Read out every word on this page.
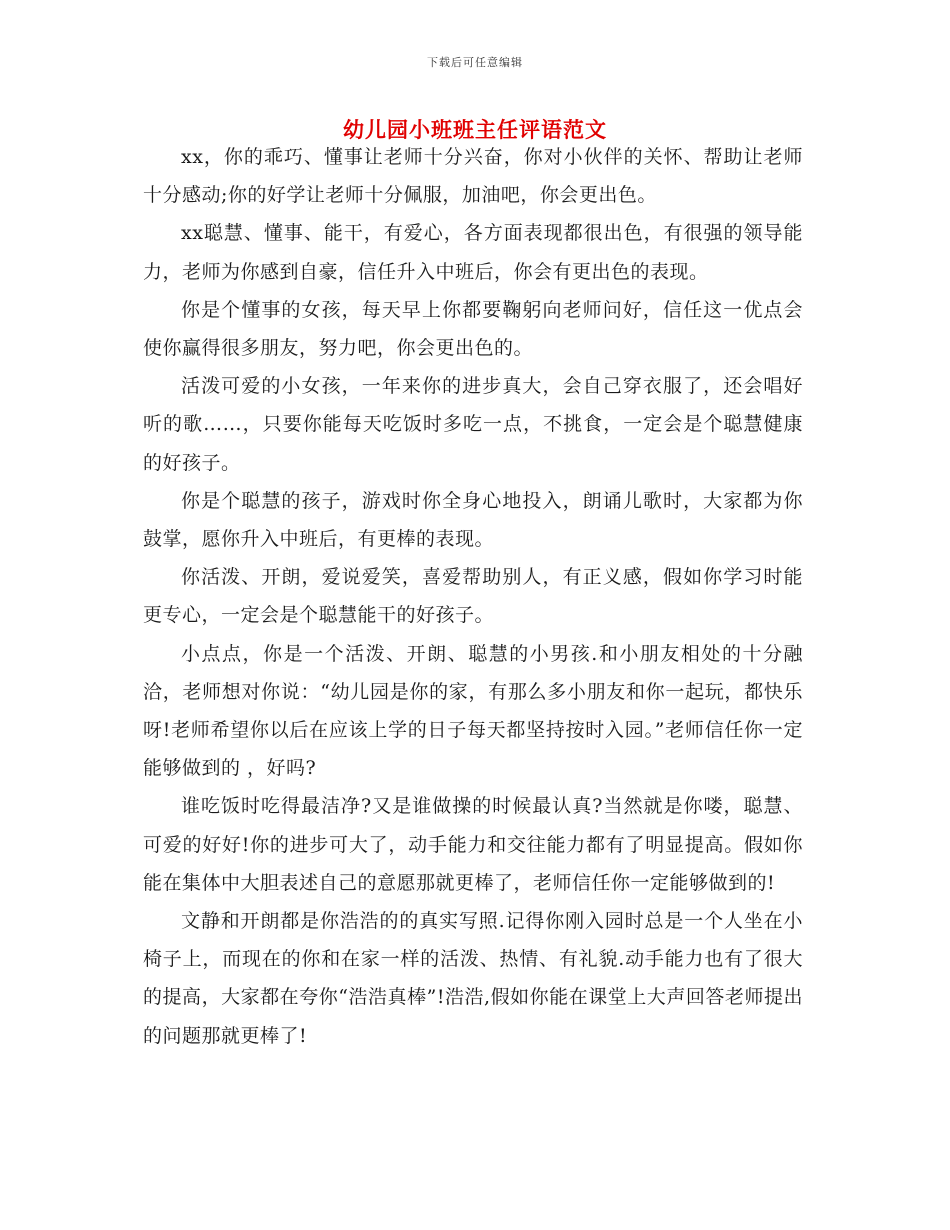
下载后可任意编辑
幼儿园小班班主任评语范文

xx，你的乖巧、懂事让老师十分兴奋，你对小伙伴的关怀、帮助让老师十分感动;你的好学让老师十分佩服，加油吧，你会更出色。

xx聪慧、懂事、能干，有爱心，各方面表现都很出色，有很强的领导能力，老师为你感到自豪，信任升入中班后，你会有更出色的表现。

你是个懂事的女孩，每天早上你都要鞠躬向老师问好，信任这一优点会使你赢得很多朋友，努力吧，你会更出色的。

活泼可爱的小女孩，一年来你的进步真大，会自己穿衣服了，还会唱好听的歌……，只要你能每天吃饭时多吃一点，不挑食，一定会是个聪慧健康的好孩子。

你是个聪慧的孩子，游戏时你全身心地投入，朗诵儿歌时，大家都为你鼓掌，愿你升入中班后，有更棒的表现。

你活泼、开朗，爱说爱笑，喜爱帮助别人，有正义感，假如你学习时能更专心，一定会是个聪慧能干的好孩子。

小点点，你是一个活泼、开朗、聪慧的小男孩.和小朋友相处的十分融洽，老师想对你说：“幼儿园是你的家，有那么多小朋友和你一起玩，都快乐呀!老师希望你以后在应该上学的日子每天都坚持按时入园。”老师信任你一定能够做到的 ，好吗?

谁吃饭时吃得最洁净?又是谁做操的时候最认真?当然就是你喽，聪慧、可爱的好好!你的进步可大了，动手能力和交往能力都有了明显提高。假如你能在集体中大胆表述自己的意愿那就更棒了，老师信任你一定能够做到的!

文静和开朗都是你浩浩的的真实写照.记得你刚入园时总是一个人坐在小椅子上，而现在的你和在家一样的活泼、热情、有礼貌.动手能力也有了很大的提高，大家都在夸你“浩浩真棒”!浩浩,假如你能在课堂上大声回答老师提出的问题那就更棒了!
